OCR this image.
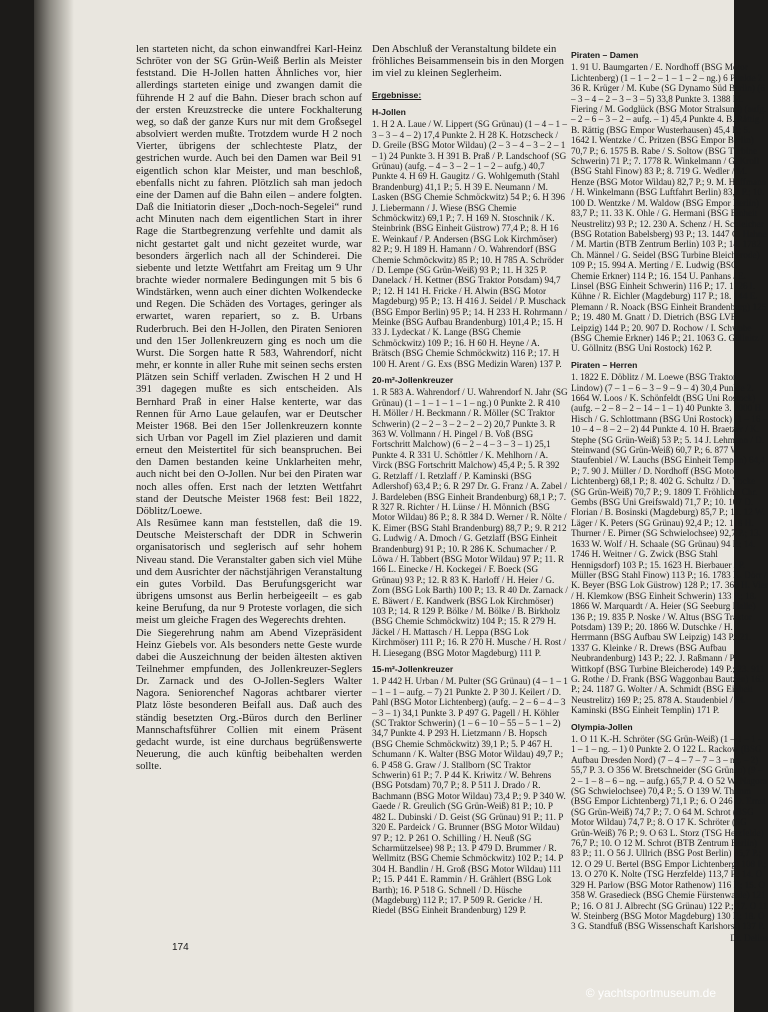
len starteten nicht, da schon einwandfrei Karl-Heinz Schröter von der SG Grün-Weiß Berlin als Meister feststand. Die H-Jollen hatten Ähnliches vor, hier allerdings starteten einige und zwangen damit die führende H 2 auf die Bahn. Dieser brach schon auf der ersten Kreuzstrecke die untere Fockhalterung weg, so daß der ganze Kurs nur mit dem Großsegel absolviert werden mußte. Trotzdem wurde H 2 noch Vierter, übrigens der schlechteste Platz, der gestrichen wurde. Auch bei den Damen war Beil 91 eigentlich schon klar Meister, und man beschloß, ebenfalls nicht zu fahren. Plötzlich sah man jedoch eine der Damen auf die Bahn eilen – andere folgten. Daß die Initiatorin dieser „Doch-noch-Segelei“ rund acht Minuten nach dem eigentlichen Start in ihrer Rage die Startbegrenzung verfehlte und damit als nicht gestartet galt und nicht gezeitet wurde, war besonders ärgerlich nach all der Schinderei. Die siebente und letzte Wettfahrt am Freitag um 9 Uhr brachte wieder normalere Bedingungen mit 5 bis 6 Windstärken, wenn auch einer dichten Wolkendecke und Regen. Die Schäden des Vortages, geringer als erwartet, waren repariert, so z. B. Urbans Ruderbruch. Bei den H-Jollen, den Piraten Senioren und den 15er Jollenkreuzern ging es noch um die Wurst. Die Sorgen hatte R 583, Wahrendorf, nicht mehr, er konnte in aller Ruhe mit seinen sechs ersten Plätzen sein Schiff verladen. Zwischen H 2 und H 391 dagegen mußte es sich entscheiden. Als Bernhard Praß in einer Halse kenterte, war das Rennen für Arno Laue gelaufen, war er Deutscher Meister 1968. Bei den 15er Jollenkreuzern konnte sich Urban vor Pagell im Ziel plazieren und damit erneut den Meistertitel für sich beanspruchen. Bei den Damen bestanden keine Unklarheiten mehr, auch nicht bei den O-Jollen. Nur bei den Piraten war noch alles offen. Erst nach der letzten Wettfahrt stand der Deutsche Meister 1968 fest: Beil 1822, Döblitz/Loewe.

Als Resümee kann man feststellen, daß die 19. Deutsche Meisterschaft der DDR in Schwerin organisatorisch und seglerisch auf sehr hohem Niveau stand. Die Veranstalter gaben sich viel Mühe und dem Ausrichter der nächstjährigen Veranstaltung ein gutes Vorbild. Das Berufungsgericht war übrigens umsonst aus Berlin herbeigeeilt – es gab keine Berufung, da nur 9 Proteste vorlagen, die sich meist um gleiche Fragen des Wegerechts drehten.

Die Siegerehrung nahm am Abend Vizepräsident Heinz Giebels vor. Als besonders nette Geste wurde dabei die Auszeichnung der beiden ältesten aktiven Teilnehmer empfunden, des Jollenkreuzer-Seglers Dr. Zarnack und des O-Jollen-Seglers Walter Nagora. Seniorenchef Nagoras achtbarer vierter Platz löste besonderen Beifall aus. Daß auch des ständig besetzten Org.-Büros durch den Berliner Mannschaftsführer Collien mit einem Präsent gedacht wurde, ist eine durchaus begrüßenswerte Neuerung, die auch künftig beibehalten werden sollte.

Den Abschluß der Veranstaltung bildete ein fröhliches Beisammensein bis in den Morgen im viel zu kleinen Seglerheim.

Ergebnisse:
H-Jollen

1. H 2 A. Laue / W. Lippert (SG Grünau) (1 – 4 – 1 – 3 – 3 – 4 – 2) 17,4 Punkte 2. H 28 K. Hotzscheck / D. Greile (BSG Motor Wildau) (2 – 3 – 4 – 3 – 2 – 1 – 1) 24 Punkte 3. H 391 B. Praß / P. Landschoof (SG Grünau) (aufg. – 4 – 3 – 2 – 1 – 2 – aufg.) 40,7 Punkte 4. H 69 H. Gaugitz / G. Wohlgemuth (Stahl Brandenburg) 41,1 P.; 5. H 39 E. Neumann / M. Lasken (BSG Chemie Schmöckwitz) 54 P.; 6. H 396 J. Liebermann / J. Wiese (BSG Chemie Schmöckwitz) 69,1 P.; 7. H 169 N. Stoschnik / K. Steinbrink (BSG Einheit Güstrow) 77,4 P.; 8. H 16 E. Weinkauf / P. Andersen (BSG Lok Kirchmöser) 82 P.; 9. H 189 H. Hamann / O. Wahrendorf (BSG Chemie Schmöckwitz) 85 P.; 10. H 785 A. Schröder / D. Lempe (SG Grün-Weiß) 93 P.; 11. H 325 P. Danelack / H. Kettner (BSG Traktor Potsdam) 94,7 P.; 12. H 141 H. Fricke / H. Alwin (BSG Motor Magdeburg) 95 P.; 13. H 416 J. Seidel / P. Muschack (BSG Empor Berlin) 95 P.; 14. H 233 H. Rohrmann / Meinke (BSG Aufbau Brandenburg) 101,4 P.; 15. H 33 J. Lydeckat / K. Lange (BSG Chemie Schmöckwitz) 109 P.; 16. H 60 H. Heyne / A. Brätsch (BSG Chemie Schmöckwitz) 116 P.; 17. H 100 H. Arent / G. Exs (BSG Medizin Waren) 137 P.

20-m²-Jollenkreuzer

1. R 583 A. Wahrendorf / U. Wahrendorf N. Jahr (SG Grünau) (1 – 1 – 1 – 1 – 1 – ng.) 0 Punkte 2. R 410 H. Möller / H. Beckmann / R. Möller (SC Traktor Schwerin) (2 – 2 – 3 – 2 – 2 – 2) 20,7 Punkte 3. R 363 W. Vollmann / H. Pingel / B. Voß (BSG Fortschritt Malchow) (6 – 2 – 4 – 3 – 3 – 1) 25,1 Punkte 4. R 331 U. Schöttler / K. Mehlhorn / A. Virck (BSG Fortschritt Malchow) 45,4 P.; 5. R 392 G. Retzlaff / I. Retzlaff / P. Kaminski (BSG Adlershof) 63,4 P.; 6. R 297 Dr. G. Franz / A. Zabel / J. Bardeleben (BSG Einheit Brandenburg) 68,1 P.; 7. R 327 R. Richter / H. Lünse / H. Mönnich (BSG Motor Wildau) 86 P.; 8. R 384 D. Werner / R. Nölte / K. Eimer (BSG Stahl Brandenburg) 88,7 P.; 9. R 212 G. Ludwig / A. Dmoch / G. Getzlaff (BSG Einheit Brandenburg) 91 P.; 10. R 286 K. Schumacher / P. Löwa / H. Tabbert (BSG Motor Wildau) 97 P.; 11. R 166 L. Einecke / H. Kockegei / F. Boeck (SG Grünau) 93 P.; 12. R 83 K. Harloff / H. Heier / G. Zorn (BSG Lok Barth) 100 P.; 13. R 40 Dr. Zarnack / E. Bäwert / E. Kandwerk (BSG Lok Kirchmöser) 103 P.; 14. R 129 P. Bölke / M. Bölke / B. Birkholz (BSG Chemie Schmöckwitz) 104 P.; 15. R 279 H. Jäckel / H. Mattasch / H. Leppa (BSG Lok Kirchmöser) 111 P.; 16. R 270 H. Musche / H. Rost / H. Liesegang (BSG Motor Magdeburg) 111 P.

15-m²-Jollenkreuzer

1. P 442 H. Urban / M. Pulter (SG Grünau) (4 – 1 – 1 – 1 – 1 – aufg. – 7) 21 Punkte 2. P 30 J. Keilert / D. Pahl (BSG Motor Lichtenberg) (aufg. – 2 – 6 – 4 – 3 – 3 – 1) 34,1 Punkte 3. P 497 G. Pagell / H. Köhler (SC Traktor Schwerin) (1 – 6 – 10 – 55 – 5 – 1 – 2) 34,7 Punkte 4. P 293 H. Lietzmann / B. Hopsch (BSG Chemie Schmöckwitz) 39,1 P.; 5. P 467 H. Schumann / K. Walter (BSG Motor Wildau) 49,7 P.; 6. P 458 G. Graw / J. Stallborn (SC Traktor Schwerin) 61 P.; 7. P 44 K. Kriwitz / W. Behrens (BSG Potsdam) 70,7 P.; 8. P 511 J. Drado / R. Bachmann (BSG Motor Wildau) 73,4 P.; 9. P 340 W. Gaede / R. Greulich (SG Grün-Weiß) 81 P.; 10. P 482 L. Dubinski / D. Geist (SG Grünau) 91 P.; 11. P 320 E. Pardeick / G. Brunner (BSG Motor Wildau) 97 P.; 12. P 261 O. Schilling / H. Neuß (SG Scharmützelsee) 98 P.; 13. P 479 D. Brummer / R. Wellmitz (BSG Chemie Schmöckwitz) 102 P.; 14. P 304 H. Bandlin / H. Groß (BSG Motor Wildau) 111 P.; 15. P 441 E. Rammin / H. Grählert (BSG Lok Barth); 16. P 518 G. Schnell / D. Hüsche (Magdeburg) 112 P.; 17. P 509 R. Gericke / H. Riedel (BSG Einheit Brandenburg) 129 P.

Piraten – Damen

1. 91 U. Baumgarten / E. Nordhoff (BSG Motor Lichtenberg) (1 – 1 – 2 – 1 – 1 – 2 – ng.) 6 Punkte 2. 36 R. Krüger / M. Kube (SG Dynamo Süd Berlin) (6 – 3 – 4 – 2 – 3 – 3 – 5) 33,8 Punkte 3. 1388 M. Fiering / M. Godglück (BSG Motor Stralsund) (aufg. – 2 – 6 – 3 – 2 – aufg. – 1) 45,4 Punkte 4. B. Rättig / B. Rättig (BSG Empor Wusterhausen) 45,4 P.; 5. 1642 I. Wentzke / C. Pritzen (BSG Empor Berlin) 70,7 P.; 6. 1575 B. Rabe / S. Soltow (BSG Turbine Schwerin) 71 P.; 7. 1778 R. Winkelmann / G. Kroll (BSG Stahl Finow) 83 P.; 8. 719 G. Wedler / M. Henze (BSG Motor Wildau) 82,7 P.; 9. M. Hoffmann / H. Winkelmann (BSG Luftfahrt Berlin) 83,7 P.; 10. 100 D. Wentzke / M. Waldow (BSG Empor Berlin) 83,7 P.; 11. 33 K. Ohle / G. Hermani (BSG Einheit Neustrelitz) 93 P.; 12. 230 A. Schenz / H. Schleicher (BSG Rotation Babelsberg) 93 P.; 13. 1447 C. Hahne / M. Martin (BTB Zentrum Berlin) 103 P.; 14. 1782 Ch. Männel / G. Seidel (BSG Turbine Bleicherode) 109 P.; 15. 994 A. Merting / E. Ludwig (BSG Chemie Erkner) 114 P.; 16. 154 U. Panhans / E. Linsel (BSG Einheit Schwerin) 116 P.; 17. 1726 I. Kühne / R. Eichler (Magdeburg) 117 P.; 18. 144 E. Plemann / R. Noack (BSG Einheit Brandenburg) 125 P.; 19. 480 M. Gnatt / D. Dietrich (BSG LVB Leipzig) 144 P.; 20. 907 D. Rochow / I. Schwabe (BSG Chemie Erkner) 146 P.; 21. 1063 G. Göllnitz / U. Göllnitz (BSG Uni Rostock) 162 P.

Piraten – Herren

1. 1822 E. Döblitz / M. Loewe (BSG Traktor Lindow) (7 – 1 – 6 – 3 – 9 – 9 – 4) 30,4 Punkte 2. 1664 W. Loos / K. Schönfeldt (BSG Uni Rostock) (aufg. – 2 – 8 – 2 – 14 – 1 – 1) 40 Punkte 3. 2000 H. Hisch / G. Schlottmann (BSG Uni Rostock) (1 – 16 – 10 – 4 – 8 – 2 – 2) 44 Punkte 4. 10 H. Braetzer / K. Stephe (SG Grün-Weiß) 53 P.; 5. 14 J. Lehmann / D. Steinwand (SG Grün-Weiß) 60,7 P.; 6. 877 W. Staufenbiel / W. Lauchs (BSG Einheit Templin) 64,4 P.; 7. 90 J. Müller / D. Nordhoff (BSG Motor Lichtenberg) 68,1 P.; 8. 402 G. Schultz / D. Vocke (SG Grün-Weiß) 70,7 P.; 9. 1809 T. Fröhlich / Chr. Gembs (BSG Uni Greifswald) 71,7 P.; 10. 107 D. Florian / B. Bosinski (Magdeburg) 85,7 P.; 11. 12 W. Läger / K. Peters (SG Grünau) 92,4 P.; 12. 118 H. Thurner / E. Pirner (SG Schwielochsee) 92,7 P.; 13. 1633 W. Wolf / H. Schaale (SG Grünau) 94 P.; 14. 1746 H. Weitner / G. Zwick (BSG Stahl Hennigsdorf) 103 P.; 15. 1623 H. Bierbauer / P. Müller (BSG Stahl Finow) 113 P.; 16. 1783 K. Dörr / K. Beyer (BSG Lok Güstrow) 128 P.; 17. 360 H. Vier / H. Klemkow (BSG Einheit Schwerin) 133 P.; 18. 1866 W. Marquardt / A. Heier (SG Seeburg Halle) 136 P.; 19. 835 P. Noske / W. Altus (BSG Traktor Potsdam) 139 P.; 20. 1866 W. Dutschke / H. Herrmann (BSG Aufbau SW Leipzig) 143 P.; 21. 1337 G. Kleinke / R. Drews (BSG Aufbau Neubrandenburg) 143 P.; 22. J. Raßmann / P. Wittkopf (BSG Turbine Bleicherode) 149 P.; 23. 911 G. Rothe / D. Frank (BSG Waggonbau Bautzen) 163 P.; 24. 1187 G. Wolter / A. Schmidt (BSG Einheit Neustrelitz) 169 P.; 25. 878 A. Staudenbiel / M. Kaminski (BSG Einheit Templin) 171 P.

Olympia-Jollen

1. O 11 K.-H. Schröter (SG Grün-Weiß) (1 – 1 – 1 – 1 – 1 – ng. – 1) 0 Punkte 2. O 122 L. Rackow (BSG Aufbau Dresden Nord) (7 – 4 – 7 – 7 – 3 – ng. – 2) 55,7 P. 3. O 356 W. Bretschneider (SG Grünau) (9 – 2 – 1 – 8 – 6 – ng. – aufg.) 65,7 P. 4. O 52 W. Nagora (SG Schwielochsee) 70,4 P.; 5. O 139 W. Thimm (BSG Empor Lichtenberg) 71,1 P.; 6. O 246 D. Ernst (SG Grün-Weiß) 74,7 P.; 7. O 64 M. Schrot (BSG Motor Wildau) 74,7 P.; 8. O 17 K. Schröter (SG Grün-Weiß) 76 P.; 9. O 63 L. Storz (TSG Herzfelde) 76,7 P.; 10. O 12 M. Schrot (BTB Zentrum Berlin) 83 P.; 11. O 56 J. Ullrich (BSG Post Berlin) 85,7 P.; 12. O 29 U. Bertel (BSG Empor Lichtenberg) 108 P.; 13. O 270 K. Nolte (TSG Herzfelde) 113,7 P.; 14. O 329 H. Parlow (BSG Motor Rathenow) 116 P.; 15. O 358 W. Grasedieck (BSG Chemie Fürstenwalde) 121 P.; 16. O 81 J. Albrecht (SG Grünau) 122 P.; 17. O 11 W. Steinberg (BSG Motor Magdeburg) 130 P.; 18. O 3 G. Standfuß (BSG Wissenschaft Karlshorst) 137 P.

Dr. Delius
174
© yachtsportmuseum.de
